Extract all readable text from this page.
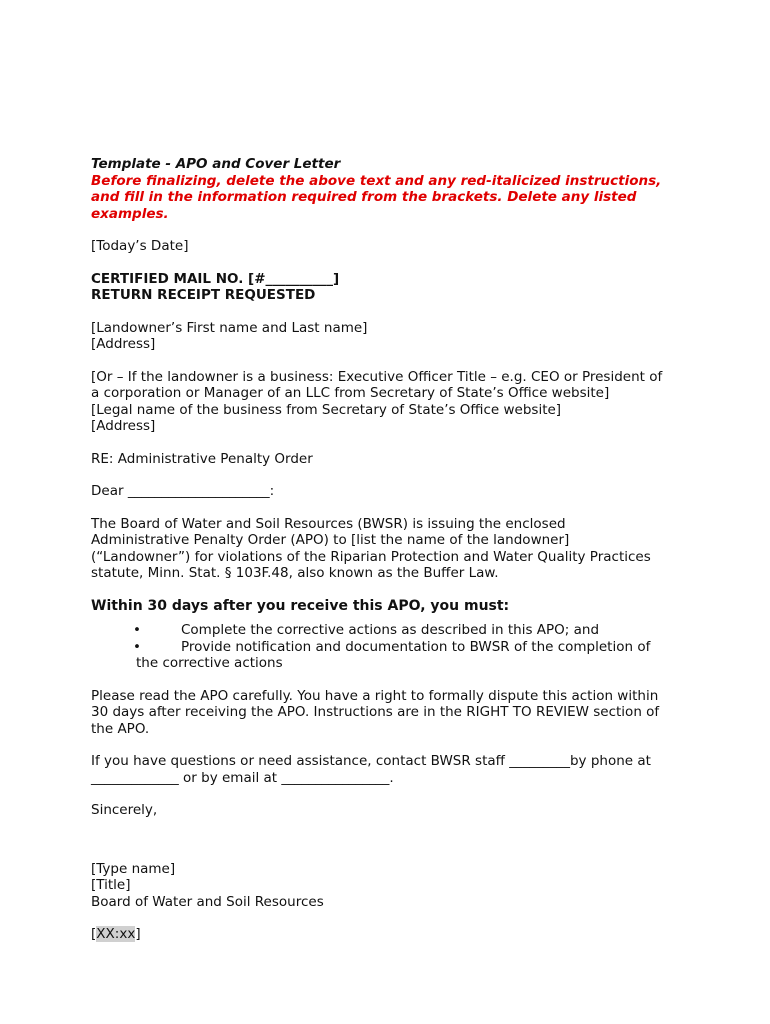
Template - APO and Cover Letter
Before finalizing, delete the above text and any red-italicized instructions,
and fill in the information required from the brackets. Delete any listed
examples.
[Today’s Date]
CERTIFIED MAIL NO. [#__________]
RETURN RECEIPT REQUESTED
[Landowner’s First name and Last name]
[Address]
[Or – If the landowner is a business: Executive Officer Title – e.g. CEO or President of
a corporation or Manager of an LLC from Secretary of State’s Office website]
[Legal name of the business from Secretary of State’s Office website]
[Address]
RE: Administrative Penalty Order
Dear _____________________:
The Board of Water and Soil Resources (BWSR) is issuing the enclosed
Administrative Penalty Order (APO) to [list the name of the landowner]
(“Landowner”) for violations of the Riparian Protection and Water Quality Practices
statute, Minn. Stat. § 103F.48, also known as the Buffer Law.
Within 30 days after you receive this APO, you must:
•	Complete the corrective actions as described in this APO; and
•	Provide notification and documentation to BWSR of the completion of
the corrective actions
Please read the APO carefully. You have a right to formally dispute this action within
30 days after receiving the APO. Instructions are in the RIGHT TO REVIEW section of
the APO.
If you have questions or need assistance, contact BWSR staff _________by phone at
_____________ or by email at ________________.
Sincerely,
[Type name]
[Title]
Board of Water and Soil Resources
[XX:xx]
